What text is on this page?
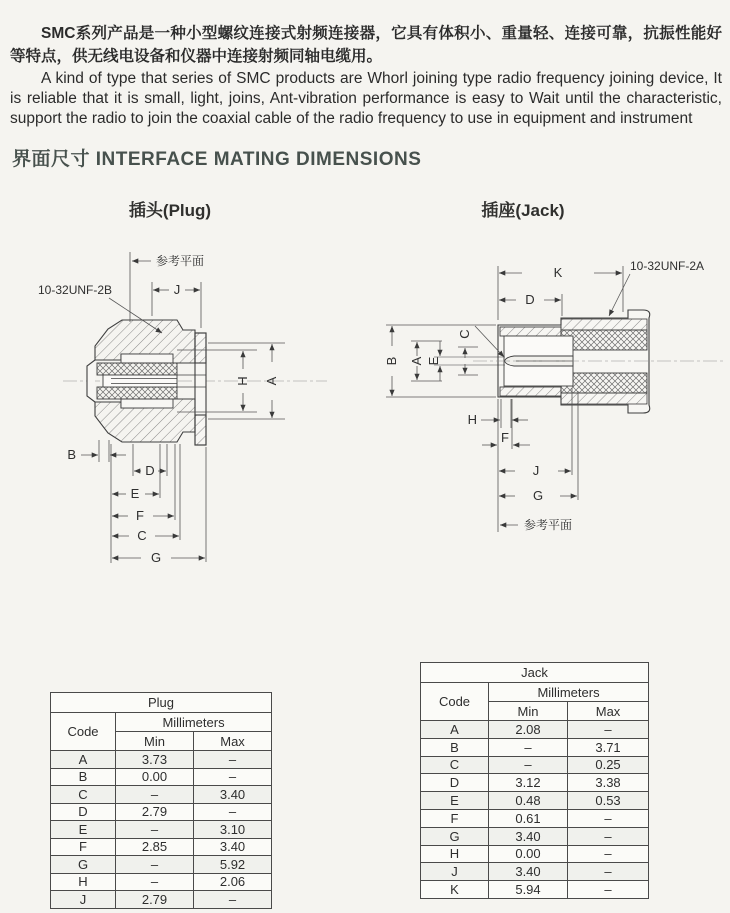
SMC系列产品是一种小型螺纹连接式射频连接器，它具有体积小、重量轻、连接可靠，抗振性能好等特点，供无线电设备和仪器中连接射频同轴电缆用。

A kind of type that series of SMC products are Whorl joining type radio frequency joining device, It is reliable that it is small, light, joins, Ant-vibration performance is easy to Wait until the characteristic, support the radio to join the coaxial cable of the radio frequency to use in equipment and instrument

界面尺寸 INTERFACE MATING DIMENSIONS
插头(Plug)	插座(Jack)
参考平面
10-32UNF-2B	J
H A
B
D
E
F
C
G
K
D
10-32UNF-2A
B A E
C
H
F
J
G
参考平面
Plug		
Code	Millimeters	
	Min	Max
A	3.73	–
B	0.00	–
C	–	3.40
D	2.79	–
E	–	3.10
F	2.85	3.40
G	–	5.92
H	–	2.06
J	2.79	–
Jack		
Code	Millimeters	
	Min	Max
A	2.08	–
B	–	3.71
C	–	0.25
D	3.12	3.38
E	0.48	0.53
F	0.61	–
G	3.40	–
H	0.00	–
J	3.40	–
K	5.94	–
